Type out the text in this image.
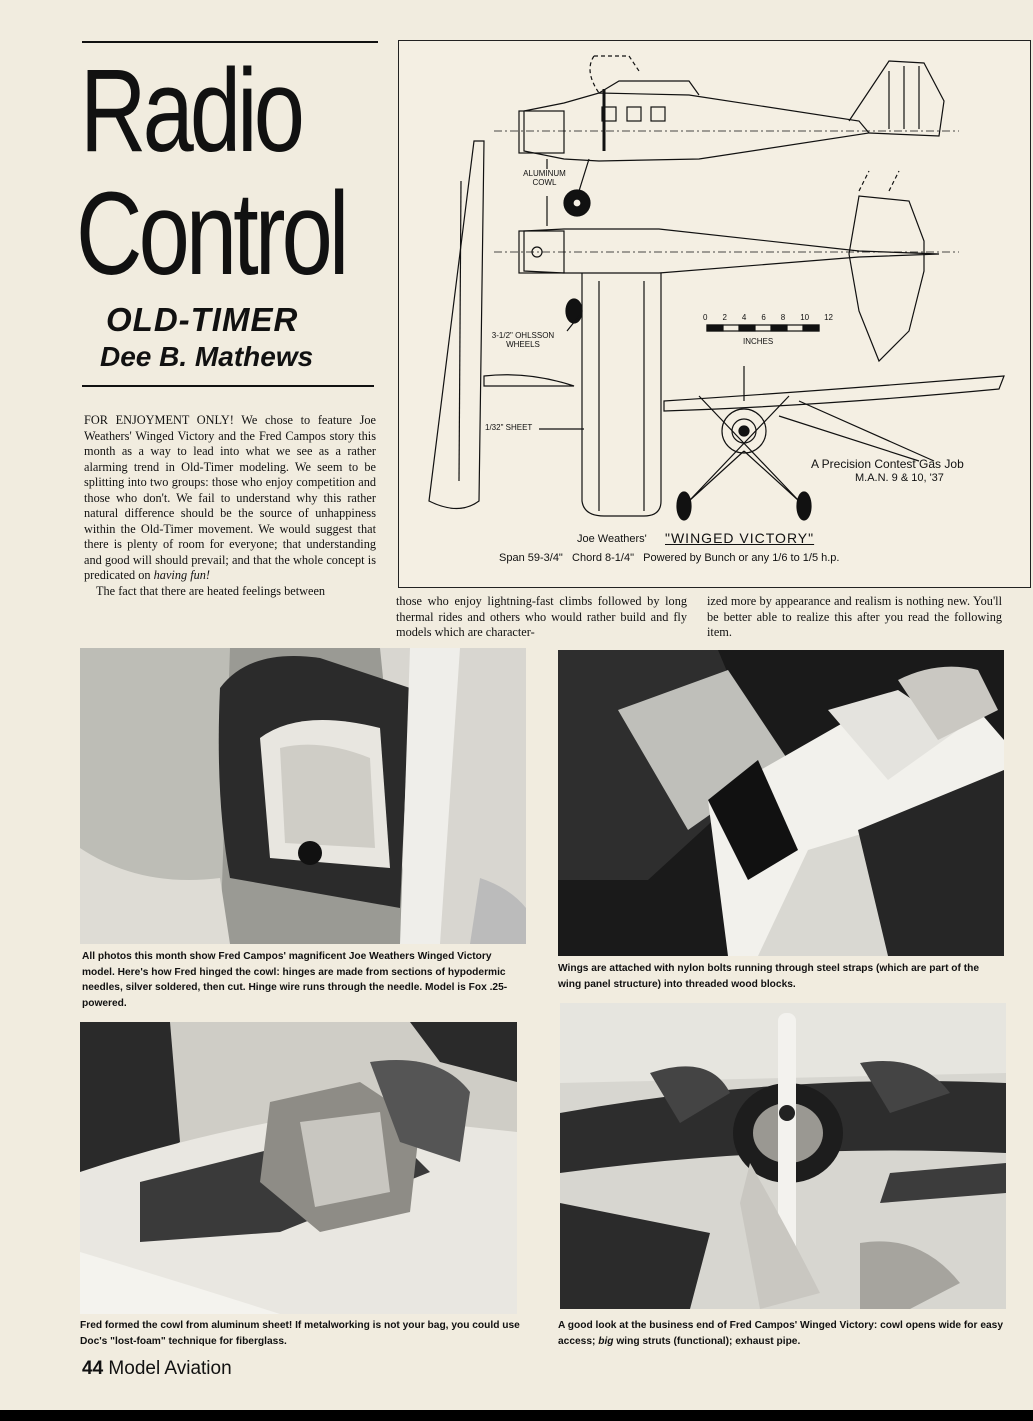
Radio
Control
OLD-TIMER
Dee B. Mathews

FOR ENJOYMENT ONLY! We chose to feature Joe Weathers' Winged Victory and the Fred Campos story this month as a way to lead into what we see as a rather alarming trend in Old-Timer modeling. We seem to be splitting into two groups: those who enjoy competition and those who don't. We fail to understand why this rather natural difference should be the source of unhappiness within the Old-Timer movement. We would suggest that there is plenty of room for everyone; that understanding and good will should prevail; and that the whole concept is predicated on having fun!

The fact that there are heated feelings between

those who enjoy lightning-fast climbs followed by long thermal rides and others who would rather build and fly models which are character-
ized more by appearance and realism is nothing new. You'll be better able to realize this after you read the following item.
ALUMINUM COWL
3-1/2" OHLSSON WHEELS
1/32" SHEET
0 2 4 6 8 10 12
INCHES
A Precision Contest Gas Job
M.A.N. 9 & 10, '37
Joe Weathers' "WINGED VICTORY"
Span 59-3/4"   Chord 8-1/4"   Powered by Bunch or any 1/6 to 1/5 h.p.
All photos this month show Fred Campos' magnificent Joe Weathers Winged Victory model. Here's how Fred hinged the cowl: hinges are made from sections of hypodermic needles, silver soldered, then cut. Hinge wire runs through the needle. Model is Fox .25-powered.
Wings are attached with nylon bolts running through steel straps (which are part of the wing panel structure) into threaded wood blocks.
Fred formed the cowl from aluminum sheet! If metalworking is not your bag, you could use Doc's "lost-foam" technique for fiberglass.
A good look at the business end of Fred Campos' Winged Victory: cowl opens wide for easy access; big wing struts (functional); exhaust pipe.
44 Model Aviation
